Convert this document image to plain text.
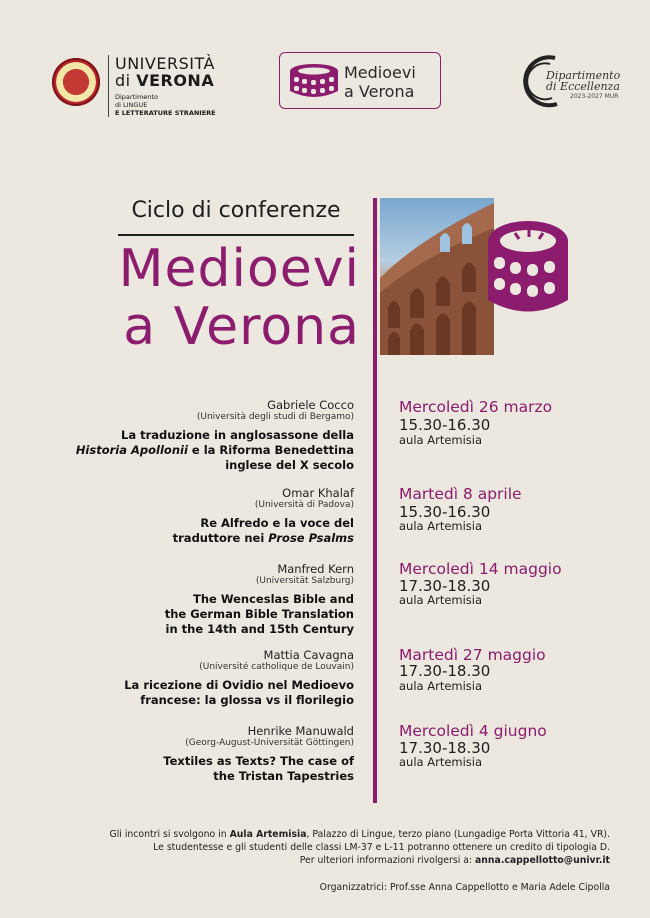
UNIVERSITÀ
di VERONA
Dipartimento
di LINGUE
E LETTERATURE STRANIERE
Medioevi
a Verona
Dipartimento
di Eccellenza
2023-2027 MUR
Ciclo di conferenze
Medioevi
a Verona
Gabriele Cocco
(Università degli studi di Bergamo)
La traduzione in anglosassone della
Historia Apollonii e la Riforma Benedettina
inglese del X secolo
Mercoledì 26 marzo
15.30-16.30
aula Artemisia
Omar Khalaf
(Università di Padova)
Re Alfredo e la voce del
traduttore nei Prose Psalms
Martedì 8 aprile
15.30-16.30
aula Artemisia
Manfred Kern
(Universität Salzburg)
The Wenceslas Bible and
the German Bible Translation
in the 14th and 15th Century
Mercoledì 14 maggio
17.30-18.30
aula Artemisia
Mattia Cavagna
(Université catholique de Louvain)
La ricezione di Ovidio nel Medioevo
francese: la glossa vs il florilegio
Martedì 27 maggio
17.30-18.30
aula Artemisia
Henrike Manuwald
(Georg-August-Universität Göttingen)
Textiles as Texts? The case of
the Tristan Tapestries
Mercoledì 4 giugno
17.30-18.30
aula Artemisia
Gli incontri si svolgono in Aula Artemisia, Palazzo di Lingue, terzo piano (Lungadige Porta Vittoria 41, VR).
Le studentesse e gli studenti delle classi LM-37 e L-11 potranno ottenere un credito di tipologia D.
Per ulteriori informazioni rivolgersi a: anna.cappellotto@univr.it
Organizzatrici: Prof.sse Anna Cappellotto e Maria Adele Cipolla
